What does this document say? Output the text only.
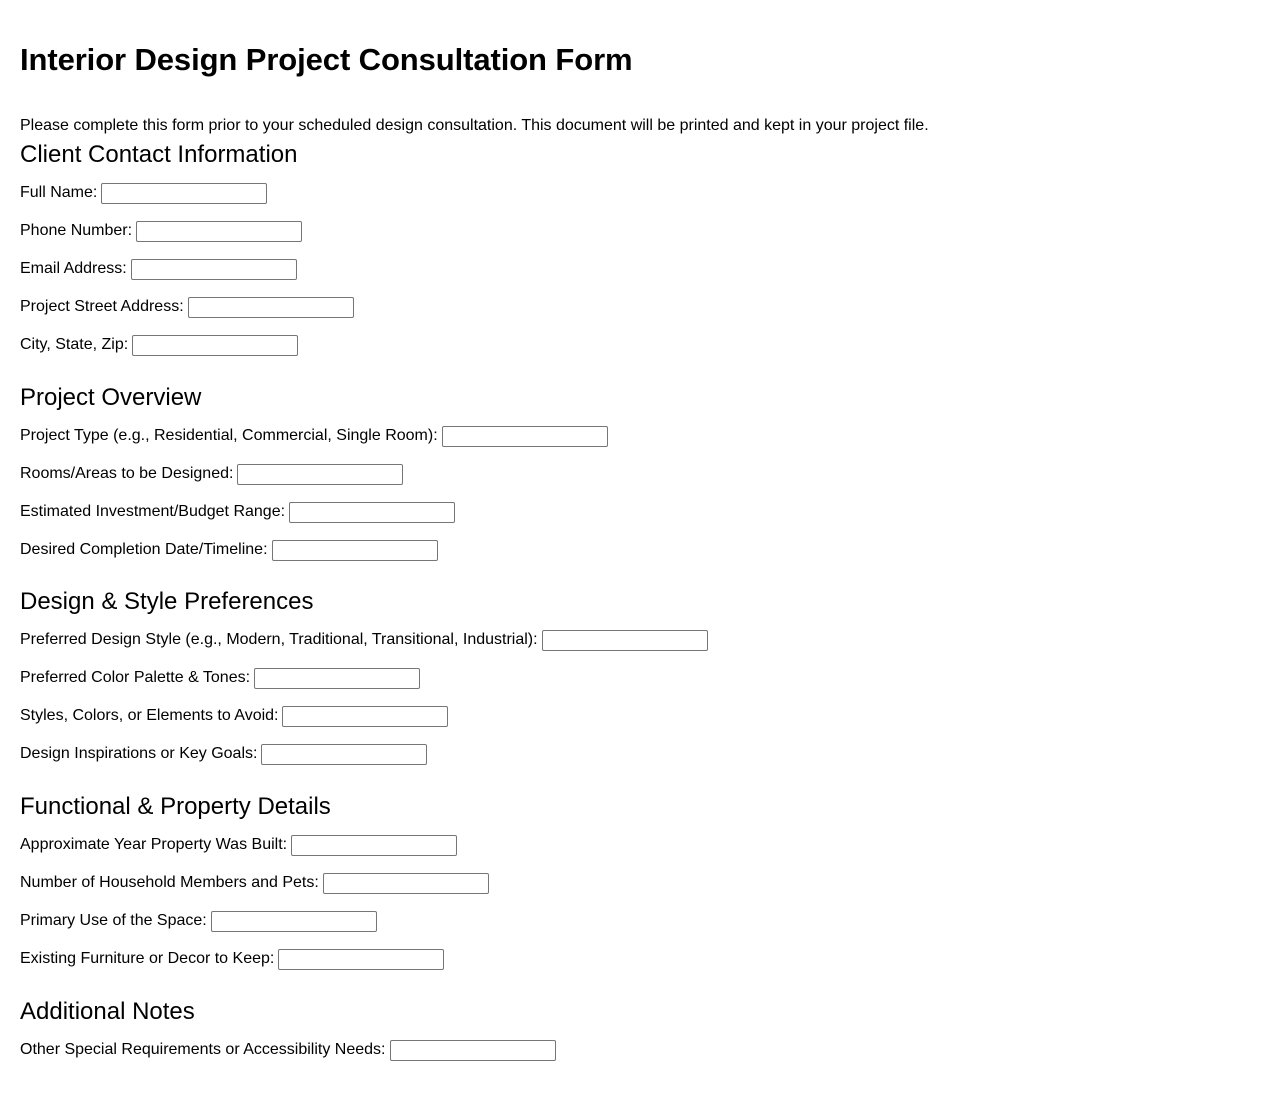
Interior Design Project Consultation Form

Please complete this form prior to your scheduled design consultation. This document will be printed and kept in your project file.

Client Contact Information
Full Name:
Phone Number:
Email Address:
Project Street Address:
City, State, Zip:
Project Overview
Project Type (e.g., Residential, Commercial, Single Room):
Rooms/Areas to be Designed:
Estimated Investment/Budget Range:
Desired Completion Date/Timeline:
Design & Style Preferences
Preferred Design Style (e.g., Modern, Traditional, Transitional, Industrial):
Preferred Color Palette & Tones:
Styles, Colors, or Elements to Avoid:
Design Inspirations or Key Goals:
Functional & Property Details
Approximate Year Property Was Built:
Number of Household Members and Pets:
Primary Use of the Space:
Existing Furniture or Decor to Keep:
Additional Notes
Other Special Requirements or Accessibility Needs:
